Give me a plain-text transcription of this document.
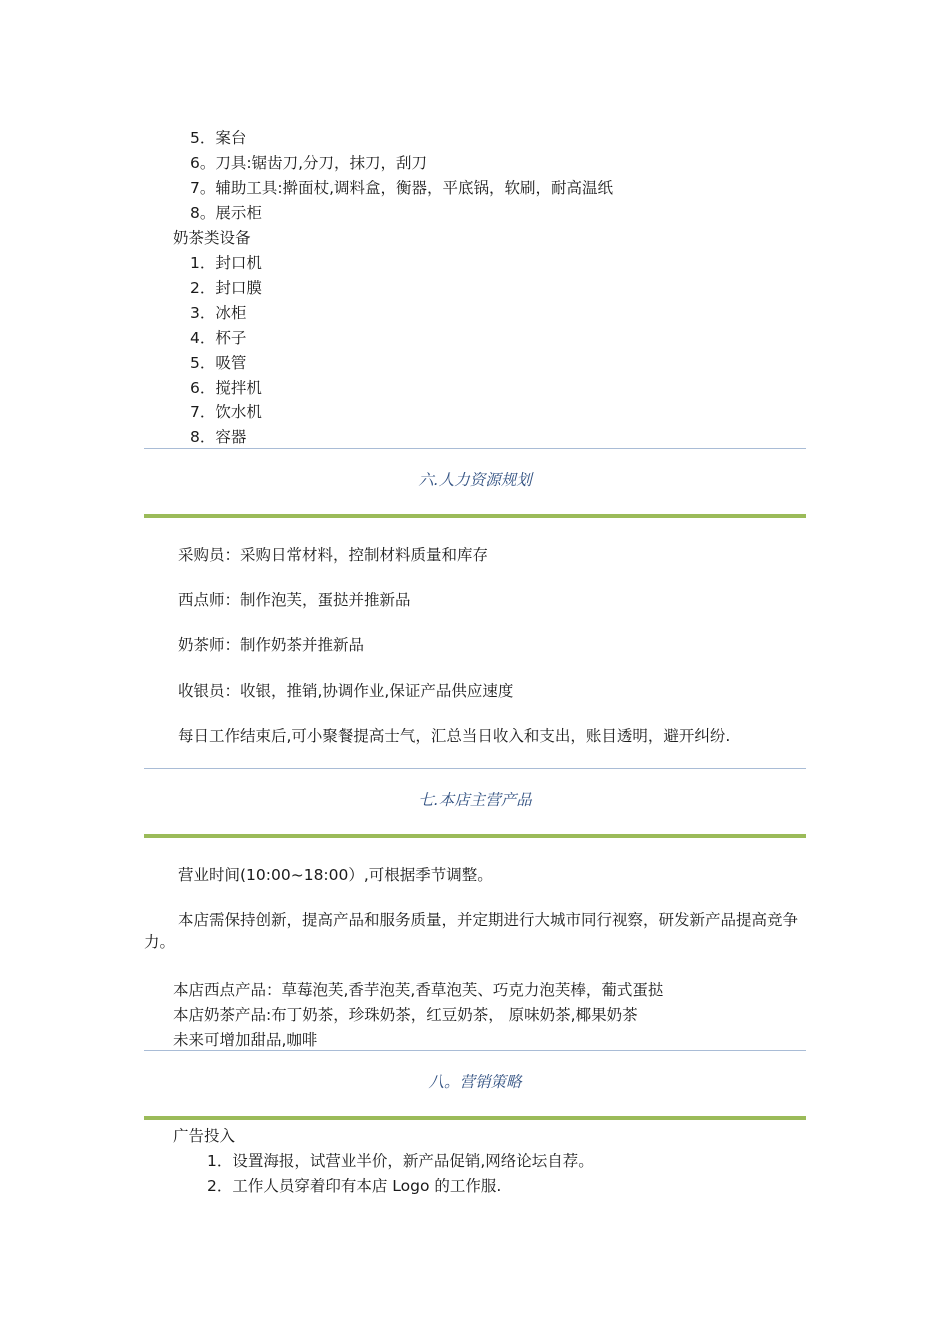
5．案台
6。刀具:锯齿刀,分刀，抹刀，刮刀
7。辅助工具:擀面杖,调料盒，衡器，平底锅，软刷，耐高温纸
8。展示柜
奶茶类设备
1．封口机
2．封口膜
3．冰柜
4．杯子
5．吸管
6．搅拌机
7．饮水机
8．容器
六.人力资源规划
采购员：采购日常材料，控制材料质量和库存
西点师：制作泡芙，蛋挞并推新品
奶茶师：制作奶茶并推新品
收银员：收银，推销,协调作业,保证产品供应速度
每日工作结束后,可小聚餐提高士气，汇总当日收入和支出，账目透明，避开纠纷.
七.本店主营产品
营业时间(10:00~18:00）,可根据季节调整。
本店需保持创新，提高产品和服务质量，并定期进行大城市同行视察，研发新产品提高竞争力。
本店西点产品：草莓泡芙,香芋泡芙,香草泡芙、巧克力泡芙棒，葡式蛋挞
本店奶茶产品:布丁奶茶，珍珠奶茶，红豆奶茶， 原味奶茶,椰果奶茶
未来可增加甜品,咖啡
八。营销策略
广告投入
1．设置海报，试营业半价，新产品促销,网络论坛自荐。
2．工作人员穿着印有本店 Logo 的工作服.
